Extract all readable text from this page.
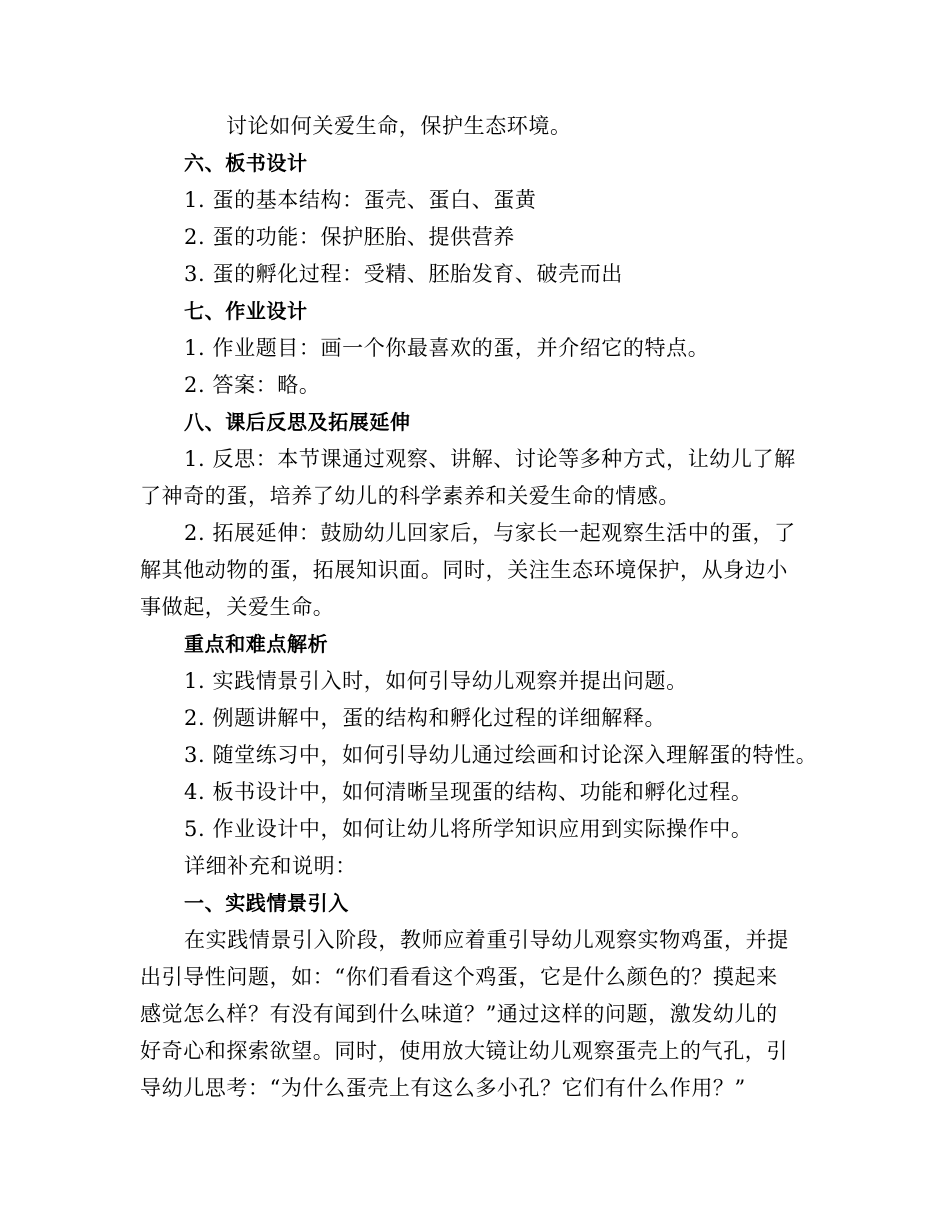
讨论如何关爱生命，保护生态环境。
六、板书设计
1. 蛋的基本结构：蛋壳、蛋白、蛋黄
2. 蛋的功能：保护胚胎、提供营养
3. 蛋的孵化过程：受精、胚胎发育、破壳而出
七、作业设计
1. 作业题目：画一个你最喜欢的蛋，并介绍它的特点。
2. 答案：略。
八、课后反思及拓展延伸
1. 反思：本节课通过观察、讲解、讨论等多种方式，让幼儿了解
了神奇的蛋，培养了幼儿的科学素养和关爱生命的情感。
2. 拓展延伸：鼓励幼儿回家后，与家长一起观察生活中的蛋，了
解其他动物的蛋，拓展知识面。同时，关注生态环境保护，从身边小
事做起，关爱生命。
重点和难点解析
1. 实践情景引入时，如何引导幼儿观察并提出问题。
2. 例题讲解中，蛋的结构和孵化过程的详细解释。
3. 随堂练习中，如何引导幼儿通过绘画和讨论深入理解蛋的特性。
4. 板书设计中，如何清晰呈现蛋的结构、功能和孵化过程。
5. 作业设计中，如何让幼儿将所学知识应用到实际操作中。
详细补充和说明：
一、实践情景引入
在实践情景引入阶段，教师应着重引导幼儿观察实物鸡蛋，并提
出引导性问题，如：“你们看看这个鸡蛋，它是什么颜色的？摸起来
感觉怎么样？有没有闻到什么味道？”通过这样的问题，激发幼儿的
好奇心和探索欲望。同时，使用放大镜让幼儿观察蛋壳上的气孔，引
导幼儿思考：“为什么蛋壳上有这么多小孔？它们有什么作用？”
